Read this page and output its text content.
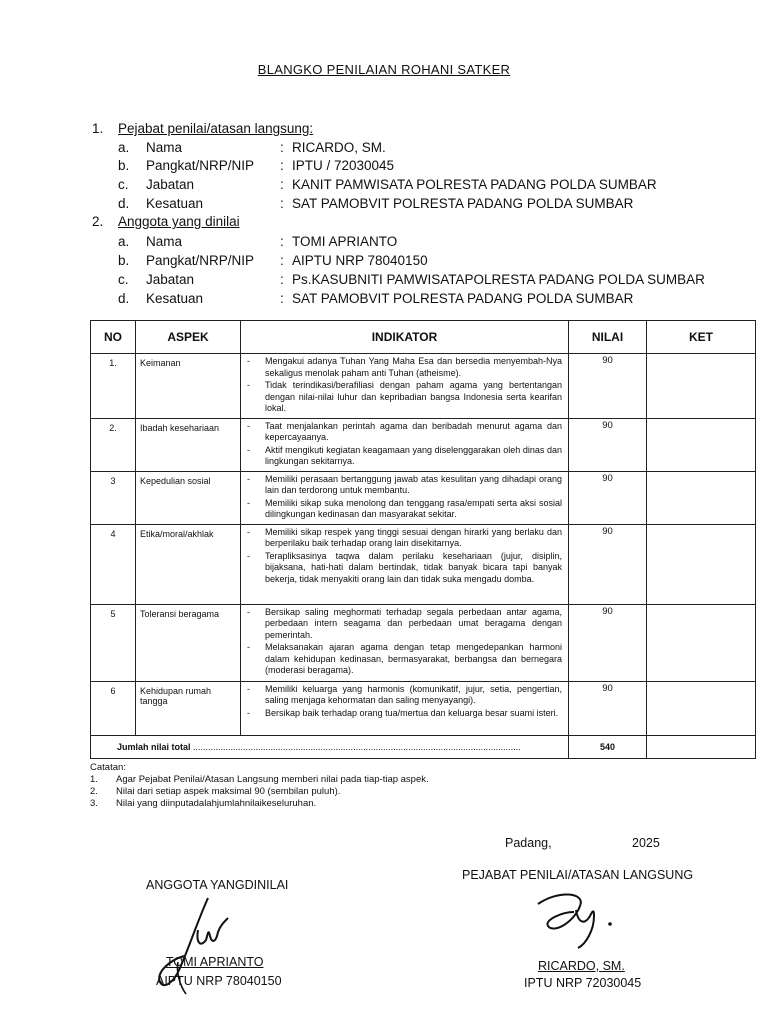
BLANGKO PENILAIAN ROHANI SATKER
1.	Pejabat penilai/atasan langsung:
a.	Nama	: RICARDO, SM.
b.	Pangkat/NRP/NIP : IPTU / 72030045
c.	Jabatan	: KANIT PAMWISATA POLRESTA PADANG POLDA SUMBAR
d.	Kesatuan	: SAT PAMOBVIT POLRESTA PADANG POLDA SUMBAR
2.	Anggota yang dinilai
a.	Nama	: TOMI APRIANTO
b.	Pangkat/NRP/NIP : AIPTU NRP 78040150
c.	Jabatan	: Ps.KASUBNITI PAMWISATAPOLRESTA PADANG POLDA SUMBAR
d.	Kesatuan	: SAT PAMOBVIT POLRESTA PADANG POLDA SUMBAR
NO	ASPEK	INDIKATOR	NILAI	KET
1.	Keimanan	- Mengakui adanya Tuhan Yang Maha Esa dan bersedia menyembah-Nya sekaligus menolak paham anti Tuhan (atheisme).
- Tidak terindikasi/berafiliasi dengan paham agama yang bertentangan dengan nilai-nilai luhur dan kepribadian bangsa Indonesia serta kearifan lokal.	90	
2.	Ibadah kesehariaan	- Taat menjalankan perintah agama dan beribadah menurut agama dan kepercayaanya.
- Aktif mengikuti kegiatan keagamaan yang diselenggarakan oleh dinas dan lingkungan sekitarnya.	90	
3	Kepedulian sosial	- Memiliki perasaan bertanggung jawab atas kesulitan yang dihadapi orang lain dan terdorong untuk membantu.
- Memiliki sikap suka menolong dan tenggang rasa/empati serta aksi sosial dilingkungan kedinasan dan masyarakat sekitar.	90	
4	Etika/moral/akhlak	- Memiliki sikap respek yang tinggi sesuai dengan hirarki yang berlaku dan berperilaku baik terhadap orang lain disekitarnya.
- Terapliksasinya taqwa dalam perilaku kesehariaan (jujur, disiplin, bijaksana, hati-hati dalam bertindak, tidak banyak bicara tapi banyak bekerja, tidak menyakiti orang lain dan tidak suka mengadu domba.	90	
5	Toleransi beragama	- Bersikap saling meghormati terhadap segala perbedaan antar agama, perbedaan intern seagama dan perbedaan umat beragama dengan pemerintah.
- Melaksanakan ajaran agama dengan tetap mengedepankan harmoni dalam kehidupan kedinasan, bermasyarakat, berbangsa dan bernegara (moderasi beragama).	90	
6	Kehidupan rumah tangga	- Memiliki keluarga yang harmonis (komunikatif, jujur, setia, pengertian, saling menjaga kehormatan dan saling menyayangi).
- Bersikap baik terhadap orang tua/mertua dan keluarga besar suami isteri.	90	
Jumlah nilai total ...................................................................................................................................			540	
Catatan:
1. Agar Pejabat Penilai/Atasan Langsung memberi nilai pada tiap-tiap aspek.
2. Nilai dari setiap aspek maksimal 90 (sembilan puluh).
3. Nilai yang diinputadalahjumlahnilaikeseluruhan.
Padang,	2025
ANGGOTA YANGDINILAI
PEJABAT PENILAI/ATASAN LANGSUNG
TOMI APRIANTO
AIPTU NRP 78040150
RICARDO, SM.
IPTU NRP 72030045
